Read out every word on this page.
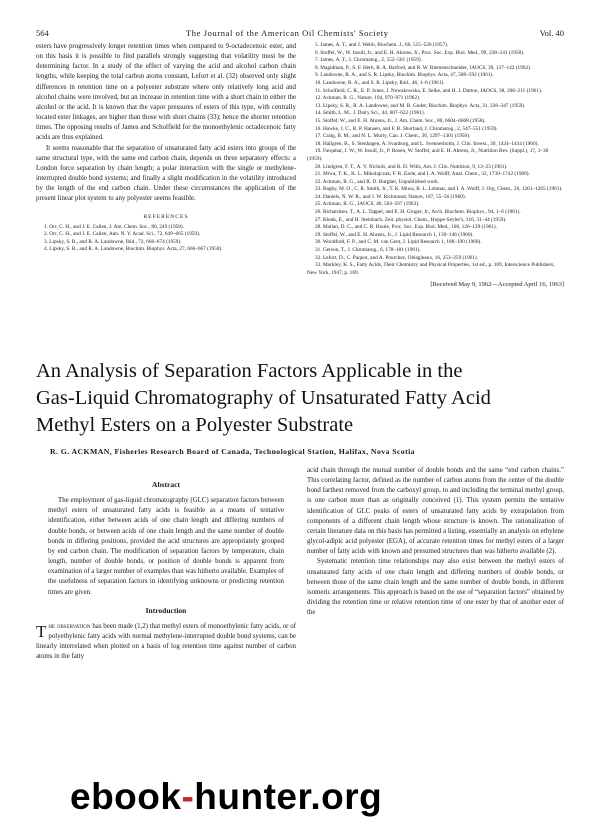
564	The Journal of the American Oil Chemists' Society	Vol. 40

esters have progressively longer retention times when compared to 9-octadecenoic ester, and on this basis it is possible to find parallels strongly suggesting that volatility must be the determining factor. In a study of the effect of varying the acid and alcohol carbon chain lengths, while keeping the total carbon atoms constant, Lefort et al. (32) observed only slight differences in retention time on a polyester substrate where only relatively long acid and alcohol chains were involved, but an increase in retention time with a short chain in either the alcohol or the acid. It is known that the vapor pressures of esters of this type, with centrally located ester linkages, are higher than those with short chains (33); hence the shorter retention times. The opposing results of James and Scholfield for the monoethylenic octadecenoic fatty acids are thus explained.

It seems reasonable that the separation of unsaturated fatty acid esters into groups of the same structural type, with the same end carbon chain, depends on three separatory effects: a London force separation by chain length; a polar interaction with the single or methylene-interrupted double bond systems; and finally a slight modification in the volatility introduced by the length of the end carbon chain. Under these circumstances the application of the present linear plot system to any polyester seems feasible.

REFERENCES
1. Orr, C. H., and J. E. Callen, J. Am. Chem. Soc., 80, 249 (1958).
2. Orr, C. H., and J. E. Callen, Ann. N. Y. Acad. Sci., 72, 649–665 (1959).
3. Lipsky, S. R., and R. A. Landowne, Ibid., 72, 666–674 (1959).
4. Lipsky, S. R., and R. A. Landowne, Biochim. Biophys. Acta, 27, 666–667 (1958).
5. James, A. T., and J. Webb, Biochem. J., 66, 515–520 (1957).
6. Stoffel, W., W. Insull, Jr., and E. H. Ahrens, Jr., Proc. Soc. Exp. Biol. Med., 99, 238–241 (1958).
7. James, A. T., J. Chromatog., 2, 552–561 (1959).
8. Magidman, P., S. F. Herb, R. A. Barford, and R. W. Riemenschneider, JAOCS, 39, 137–142 (1962).
9. Landowne, R. A., and S. R. Lipsky, Biochim. Biophys. Acta, 47, 589–592 (1961).
10. Landowne, R. A., and S. R. Lipsky, Ibid., 46, 1–6 (1961).
11. Scholfield, C. R., E. P. Jones, J. Nowakowska, E. Selke, and H. J. Dutton, JAOCS, 38, 208–211 (1961).
12. Ackman, R. G., Nature, 194, 970–971 (1962).
13. Lipsky, S. R., R. A. Landowne, and M. R. Godet, Biochim. Biophys. Acta, 31, 336–347 (1959).
14. Smith, L. M., J. Dairy Sci., 44, 607–622 (1961).
15. Stoffel, W., and E. H. Ahrens, Jr., J. Am. Chem. Soc., 80, 6604–6608 (1958).
16. Hawke, J. C., R. P. Hansen, and F. B. Shorland, J. Chromatog., 2, 547–551 (1959).
17. Craig, B. M., and N. L. Murty, Can. J. Chem., 36, 1297–1301 (1958).
18. Hallgren, B., S. Stenhagen, A. Svanborg, and L. Svennerholm, J. Clin. Invest., 39, 1424–1434 (1960).
19. Farquhar, J. W., W. Insull, Jr., P. Rosen, W. Stoffel, and E. H. Ahrens, Jr., Nutrition Rev. (Suppl.), 17, 1–30 (1959).
20. Lindgren, F. T., A. V. Nichols, and R. D. Wills, Am. J. Clin. Nutrition, 9, 13–23 (1961).
21. Miwa, T. K., K. L. Mikolajczak, F. R. Earle, and I. A. Wolff, Anal. Chem., 32, 1739–1742 (1960).
22. Ackman, R. G., and R. D. Burgher, Unpublished work.
23. Bagby, M. O., C. R. Smith, Jr., T. K. Miwa, R. L. Lohmar, and I. A. Wolff, J. Org. Chem., 26, 1261–1265 (1961).
24. Daniels, N. W. R., and J. W. Richmond, Nature, 187, 55–56 (1960).
25. Ackman, R. G., JAOCS, 40, 564–567 (1963).
26. Richardson, T., A. L. Tappel, and E. H. Gruger, Jr., Arch. Biochem. Biophys., 94, 1–6 (1961).
27. Klenk, E., and H. Steinbach, Zeit. physiol. Chem., Hoppe-Seyler's, 316, 31–44 (1959).
28. Mallan, D. C., and C. R. Houle, Proc. Soc. Exp. Biol. Med., 108, 126–129 (1961).
29. Stoffel, W., and E. H. Ahrens, Jr., J. Lipid Research 1, 139–146 (1960).
30. Woodford, F. P., and C. M. van Gent, J. Lipid Research 1, 188–190 (1960).
31. Gerson, T., J. Chromatog., 6, 178–181 (1961).
32. Lefort, D., C. Paquot, and A. Pourchez, Oléagineux, 16, 253–259 (1961).
33. Markley, K. S., Fatty Acids, Their Chemistry and Physical Properties, 1st ed., p. 169, Interscience Publishers, New York, 1947, p. 169.
[Received May 9, 1962—Accepted April 16, 1963]
An Analysis of Separation Factors Applicable in the
Gas-Liquid Chromatography of Unsaturated Fatty Acid
Methyl Esters on a Polyester Substrate
R. G. ACKMAN, Fisheries Research Board of Canada, Technological Station, Halifax, Nova Scotia
Abstract

The employment of gas-liquid chromatography (GLC) separation factors between methyl esters of unsaturated fatty acids is feasible as a means of tentative identification, either between acids of one chain length and differing numbers of double bonds, or between acids of one chain length and the same number of double bonds in differing positions, provided the acid structures are appropriately grouped by end carbon chain. The modification of separation factors by temperature, chain length, number of double bonds, or position of double bonds is apparent from examination of a larger number of examples than was hitherto available. Examples of the usefulness of separation factors in identifying unknowns or predicting retention times are given.

Introduction

The observation has been made (1,2) that methyl esters of monoethylenic fatty acids, or of polyethylenic fatty acids with normal methylene-interrupted double bond systems, can be linearly interrelated when plotted on a basis of log retention time against number of carbon atoms in the fatty

acid chain through the mutual number of double bonds and the same “end carbon chains.” This correlating factor, defined as the number of carbon atoms from the center of the double bond farthest removed from the carboxyl group, to and including the terminal methyl group, is one carbon more than as originally conceived (1). This system permits the tentative identification of GLC peaks of esters of unsaturated fatty acids by extrapolation from components of a different chain length whose structure is known. The rationalization of certain literature data on this basis has permitted a listing, essentially an analysis on ethylene glycol-adipic acid polyester (EGA), of accurate retention times for methyl esters of a larger number of fatty acids with known and presumed structures than was hitherto available (2).

Systematic retention time relationships may also exist between the methyl esters of unsaturated fatty acids of one chain length and differing numbers of double bonds, or between those of the same chain length and the same number of double bonds, in different isomeric arrangements. This approach is based on the use of “separation factors” obtained by dividing the retention time or relative retention time of one ester by that of another ester of the

ebook-hunter.org
